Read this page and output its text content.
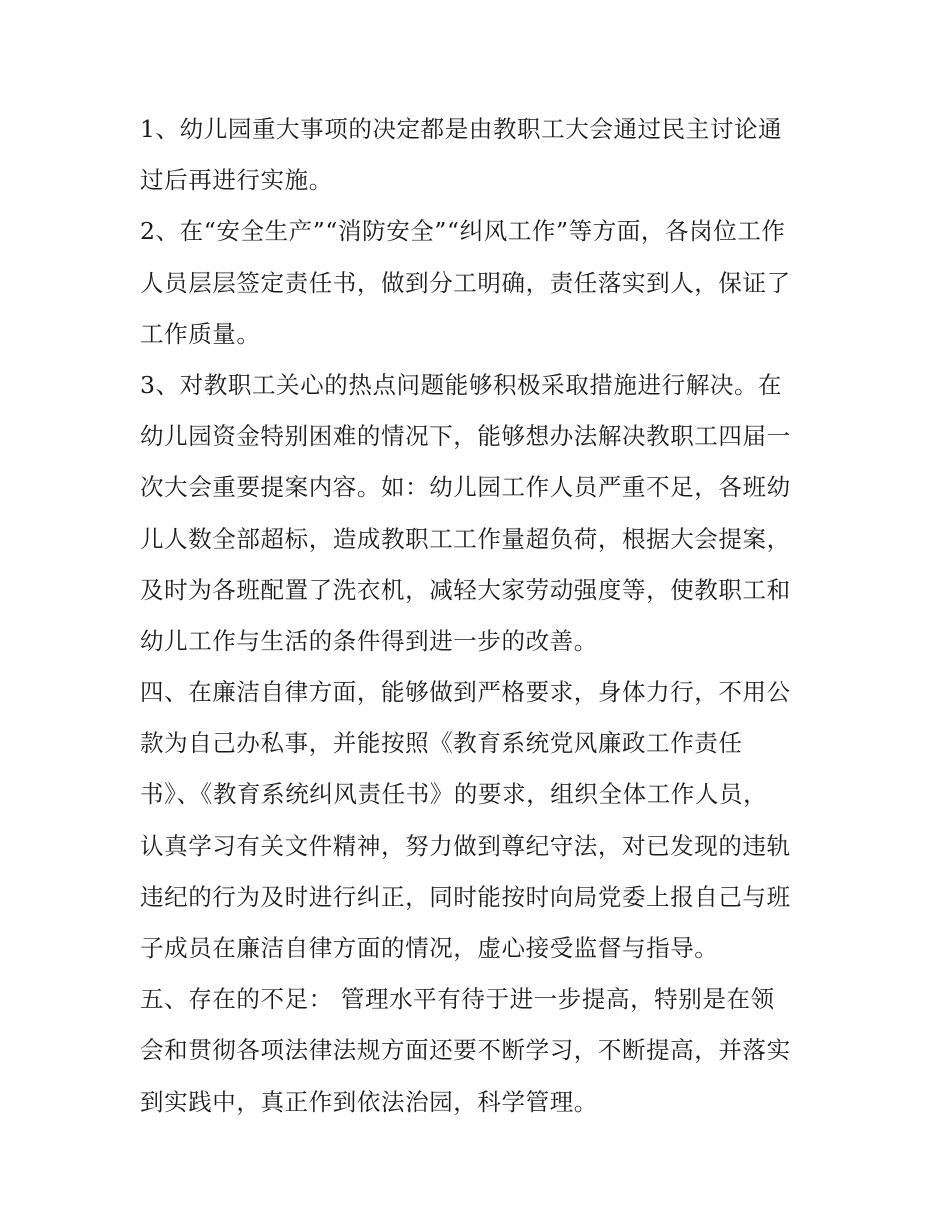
1、幼儿园重大事项的决定都是由教职工大会通过民主讨论通
过后再进行实施。
2、在“安全生产”“消防安全”“纠风工作”等方面，各岗位工作
人员层层签定责任书，做到分工明确，责任落实到人，保证了
工作质量。
3、对教职工关心的热点问题能够积极采取措施进行解决。在
幼儿园资金特别困难的情况下，能够想办法解决教职工四届一
次大会重要提案内容。如：幼儿园工作人员严重不足，各班幼
儿人数全部超标，造成教职工工作量超负荷，根据大会提案，
及时为各班配置了洗衣机，减轻大家劳动强度等，使教职工和
幼儿工作与生活的条件得到进一步的改善。
四、在廉洁自律方面，能够做到严格要求，身体力行，不用公
款为自己办私事，并能按照《教育系统党风廉政工作责任
书》、《教育系统纠风责任书》的要求，组织全体工作人员，
认真学习有关文件精神，努力做到尊纪守法，对已发现的违轨
违纪的行为及时进行纠正，同时能按时向局党委上报自己与班
子成员在廉洁自律方面的情况，虚心接受监督与指导。
五、存在的不足： 管理水平有待于进一步提高，特别是在领
会和贯彻各项法律法规方面还要不断学习，不断提高，并落实
到实践中，真正作到依法治园，科学管理。
